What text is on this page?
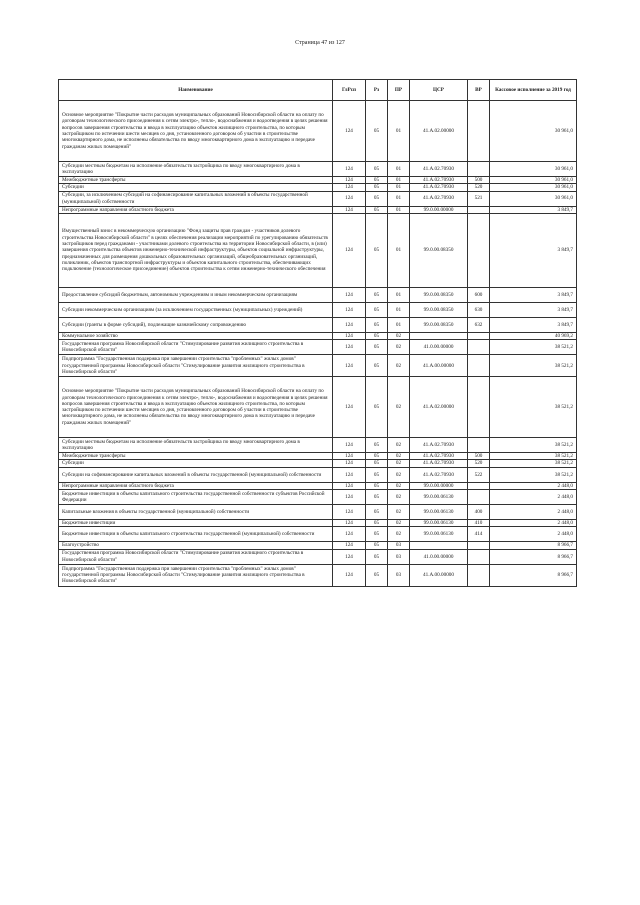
Страница 47 из 127
Наименование	ГлРсп	Рз	ПР	ЦСР	ВР	Кассовое исполнение за 2019 год
Основное мероприятие "Покрытие части расходов муниципальных образований Новосибирской области на оплату по договорам технологического присоединения к сетям электро-, тепло-, водоснабжения и водоотведения в целях решения вопросов завершения строительства и ввода в эксплуатацию объектов жилищного строительства, по которым застройщиком по истечении шести месяцев со дня, установленного договором об участии в строительстве многоквартирного дома, не исполнены обязательства по вводу многоквартирного дома в эксплуатацию и передаче гражданам жилых помещений"	124	05	01	41.А.02.00000		30 961,0
Субсидии местным бюджетам на исполнение обязательств застройщика по вводу многоквартирного дома в эксплуатацию	124	05	01	41.А.02.70930		30 961,0
Межбюджетные трансферты	124	05	01	41.А.02.70930	500	30 961,0
Субсидии	124	05	01	41.А.02.70930	520	30 961,0
Субсидии, за исключением субсидий на софинансирование капитальных вложений в объекты государственной (муниципальной) собственности	124	05	01	41.А.02.70930	521	30 961,0
Непрограммные направления областного бюджета	124	05	01	99.0.00.00000		3 849,7
Имущественный взнос в некоммерческую организацию "Фонд защиты прав граждан - участников долевого строительства Новосибирской области" в целях обеспечения реализации мероприятий по урегулированию обязательств застройщиков перед гражданами - участниками долевого строительства на территории Новосибирской области, в (или) завершения строительства объектов инженерно-технической инфраструктуры, объектов социальной инфраструктуры, предназначенных для размещения дошкольных образовательных организаций, общеобразовательных организаций, поликлиник, объектов транспортной инфраструктуры и объектов капитального строительства, обеспечивающих подключение (технологическое присоединение) объектов строительства к сетям инженерно-технического обеспечения	124	05	01	99.0.00.08350		3 849,7
Предоставление субсидий бюджетным, автономным учреждениям и иным некоммерческим организациям	124	05	01	99.0.00.08350	600	3 849,7
Субсидии некоммерческим организациям (за исключением государственных (муниципальных) учреждений)	124	05	01	99.0.00.08350	630	3 849,7
Субсидии (гранты в форме субсидий), подлежащие казначейскому сопровождению	124	05	01	99.0.00.08350	632	3 849,7
Коммунальное хозяйство	124	05	02			40 969,2
Государственная программа Новосибирской области "Стимулирование развития жилищного строительства в Новосибирской области"	124	05	02	41.0.00.00000		38 521,2
Подпрограмма "Государственная поддержка при завершении строительства "проблемных" жилых домов" государственной программы Новосибирской области "Стимулирование развития жилищного строительства в Новосибирской области"	124	05	02	41.А.00.00000		38 521,2
Основное мероприятие "Покрытие части расходов муниципальных образований Новосибирской области на оплату по договорам технологического присоединения к сетям электро-, тепло-, водоснабжения и водоотведения в целях решения вопросов завершения строительства и ввода в эксплуатацию объектов жилищного строительства, по которым застройщиком по истечении шести месяцев со дня, установленного договором об участии в строительстве многоквартирного дома, не исполнены обязательства по вводу многоквартирного дома в эксплуатацию и передаче гражданам жилых помещений"	124	05	02	41.А.02.00000		38 521,2
Субсидии местным бюджетам на исполнение обязательств застройщика по вводу многоквартирного дома в эксплуатацию	124	05	02	41.А.02.70930		38 521,2
Межбюджетные трансферты	124	05	02	41.А.02.70930	500	38 521,2
Субсидии	124	05	02	41.А.02.70930	520	38 521,2
Субсидии на софинансирование капитальных вложений в объекты государственной (муниципальной) собственности	124	05	02	41.А.02.70930	522	38 521,2
Непрограммные направления областного бюджета	124	05	02	99.0.00.00000		2 448,0
Бюджетные инвестиции в объекты капитального строительства государственной собственности субъектов Российской Федерации	124	05	02	99.0.00.06130		2 448,0
Капитальные вложения в объекты государственной (муниципальной) собственности	124	05	02	99.0.00.06130	400	2 448,0
Бюджетные инвестиции	124	05	02	99.0.00.06130	410	2 448,0
Бюджетные инвестиции в объекты капитального строительства государственной (муниципальной) собственности	124	05	02	99.0.00.06130	414	2 448,0
Благоустройство	124	05	03			8 966,7
Государственная программа Новосибирской области "Стимулирование развития жилищного строительства в Новосибирской области"	124	05	03	41.0.00.00000		8 966,7
Подпрограмма "Государственная поддержка при завершении строительства "проблемных" жилых домов" государственной программы Новосибирской области "Стимулирование развития жилищного строительства в Новосибирской области"	124	05	03	41.А.00.00000		8 966,7
